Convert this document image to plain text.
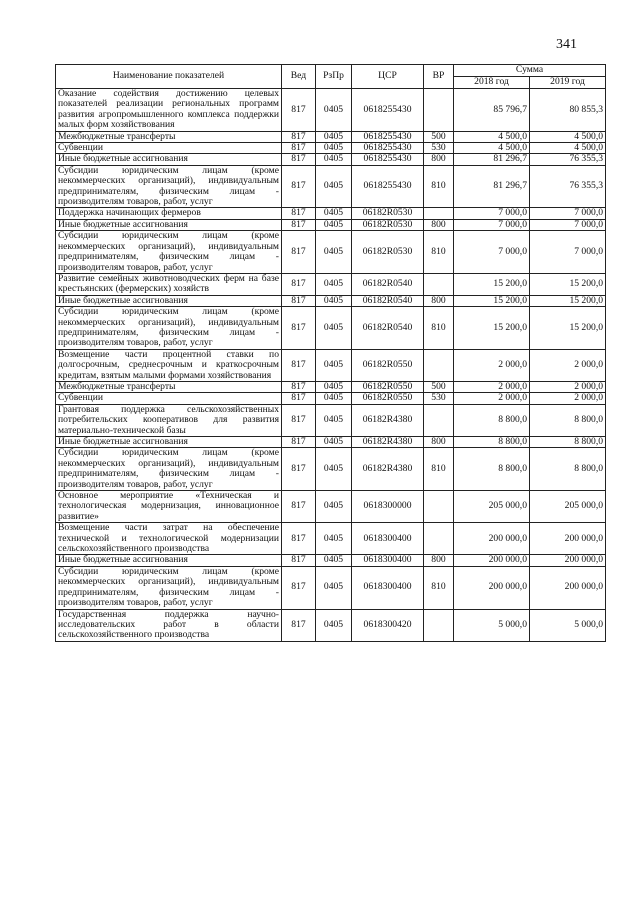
341
Наименование показателей	Вед	РзПр	ЦСР	ВР	Сумма	
					2018 год	2019 год
Оказание содействия достижению целевых показателей реализации региональных программ развития агропромышленного комплекса поддержки малых форм хозяйствования	817	0405	0618255430		85 796,7	80 855,3
Межбюджетные трансферты	817	0405	0618255430	500	4 500,0	4 500,0
Субвенции	817	0405	0618255430	530	4 500,0	4 500,0
Иные бюджетные ассигнования	817	0405	0618255430	800	81 296,7	76 355,3
Субсидии юридическим лицам (кроме некоммерческих организаций), индивидуальным предпринимателям, физическим лицам - производителям товаров, работ, услуг	817	0405	0618255430	810	81 296,7	76 355,3
Поддержка начинающих фермеров	817	0405	06182R0530		7 000,0	7 000,0
Иные бюджетные ассигнования	817	0405	06182R0530	800	7 000,0	7 000,0
Субсидии юридическим лицам (кроме некоммерческих организаций), индивидуальным предпринимателям, физическим лицам - производителям товаров, работ, услуг	817	0405	06182R0530	810	7 000,0	7 000,0
Развитие семейных животноводческих ферм на базе крестьянских (фермерских) хозяйств	817	0405	06182R0540		15 200,0	15 200,0
Иные бюджетные ассигнования	817	0405	06182R0540	800	15 200,0	15 200,0
Субсидии юридическим лицам (кроме некоммерческих организаций), индивидуальным предпринимателям, физическим лицам - производителям товаров, работ, услуг	817	0405	06182R0540	810	15 200,0	15 200,0
Возмещение части процентной ставки по долгосрочным, среднесрочным и краткосрочным кредитам, взятым малыми формами хозяйствования	817	0405	06182R0550		2 000,0	2 000,0
Межбюджетные трансферты	817	0405	06182R0550	500	2 000,0	2 000,0
Субвенции	817	0405	06182R0550	530	2 000,0	2 000,0
Грантовая поддержка сельскохозяйственных потребительских кооперативов для развития материально-технической базы	817	0405	06182R4380		8 800,0	8 800,0
Иные бюджетные ассигнования	817	0405	06182R4380	800	8 800,0	8 800,0
Субсидии юридическим лицам (кроме некоммерческих организаций), индивидуальным предпринимателям, физическим лицам - производителям товаров, работ, услуг	817	0405	06182R4380	810	8 800,0	8 800,0
Основное мероприятие «Техническая и технологическая модернизация, инновационное развитие»	817	0405	0618300000		205 000,0	205 000,0
Возмещение части затрат на обеспечение технической и технологической модернизации сельскохозяйственного производства	817	0405	0618300400		200 000,0	200 000,0
Иные бюджетные ассигнования	817	0405	0618300400	800	200 000,0	200 000,0
Субсидии юридическим лицам (кроме некоммерческих организаций), индивидуальным предпринимателям, физическим лицам - производителям товаров, работ, услуг	817	0405	0618300400	810	200 000,0	200 000,0
Государственная поддержка научно-исследовательских работ в области сельскохозяйственного производства	817	0405	0618300420		5 000,0	5 000,0
